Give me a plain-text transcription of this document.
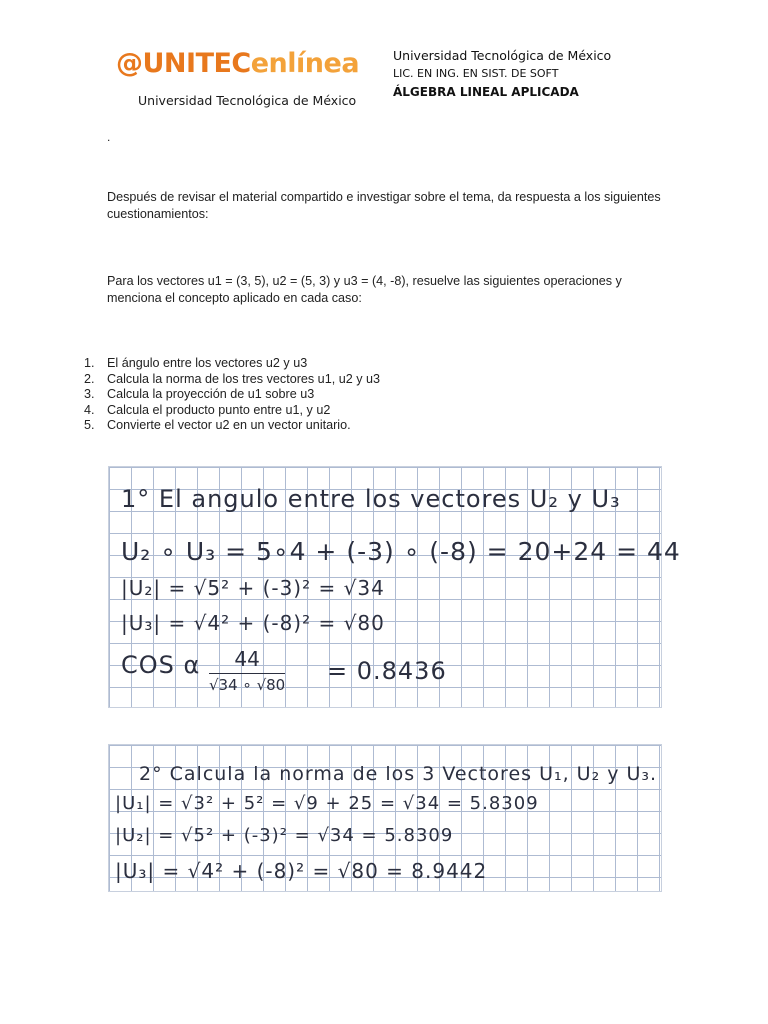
@UNITECenlínea
Universidad Tecnológica de México
Universidad Tecnológica de México
LIC. EN ING. EN SIST. DE SOFT
ÁLGEBRA LINEAL APLICADA
.
Después de revisar el material compartido e investigar sobre el tema, da respuesta a los siguientes cuestionamientos:
Para los vectores u1 = (3, 5), u2 = (5, 3) y u3 = (4, -8), resuelve las siguientes operaciones y menciona el concepto aplicado en cada caso:
1. El ángulo entre los vectores u2 y u3
2. Calcula la norma de los tres vectores u1, u2 y u3
3. Calcula la proyección de u1 sobre u3
4. Calcula el producto punto entre u1, y u2
5. Convierte el vector u2 en un vector unitario.
1° El angulo entre los vectores U₂ y U₃
U₂ ∘ U₃ = 5∘4 + (-3) ∘ (-8) = 20+24 = 44
|U₂| = √5² + (-3)² = √34
|U₃| = √4² + (-8)² = √80
COS α	44
√34 ∘ √80 = 0.8436
2° Calcula la norma de los 3 Vectores U₁, U₂ y U₃.
|U₁| = √3² + 5² = √9 + 25 = √34 = 5.8309
|U₂| = √5² + (-3)² = √34 = 5.8309
|U₃| = √4² + (-8)² = √80 = 8.9442
